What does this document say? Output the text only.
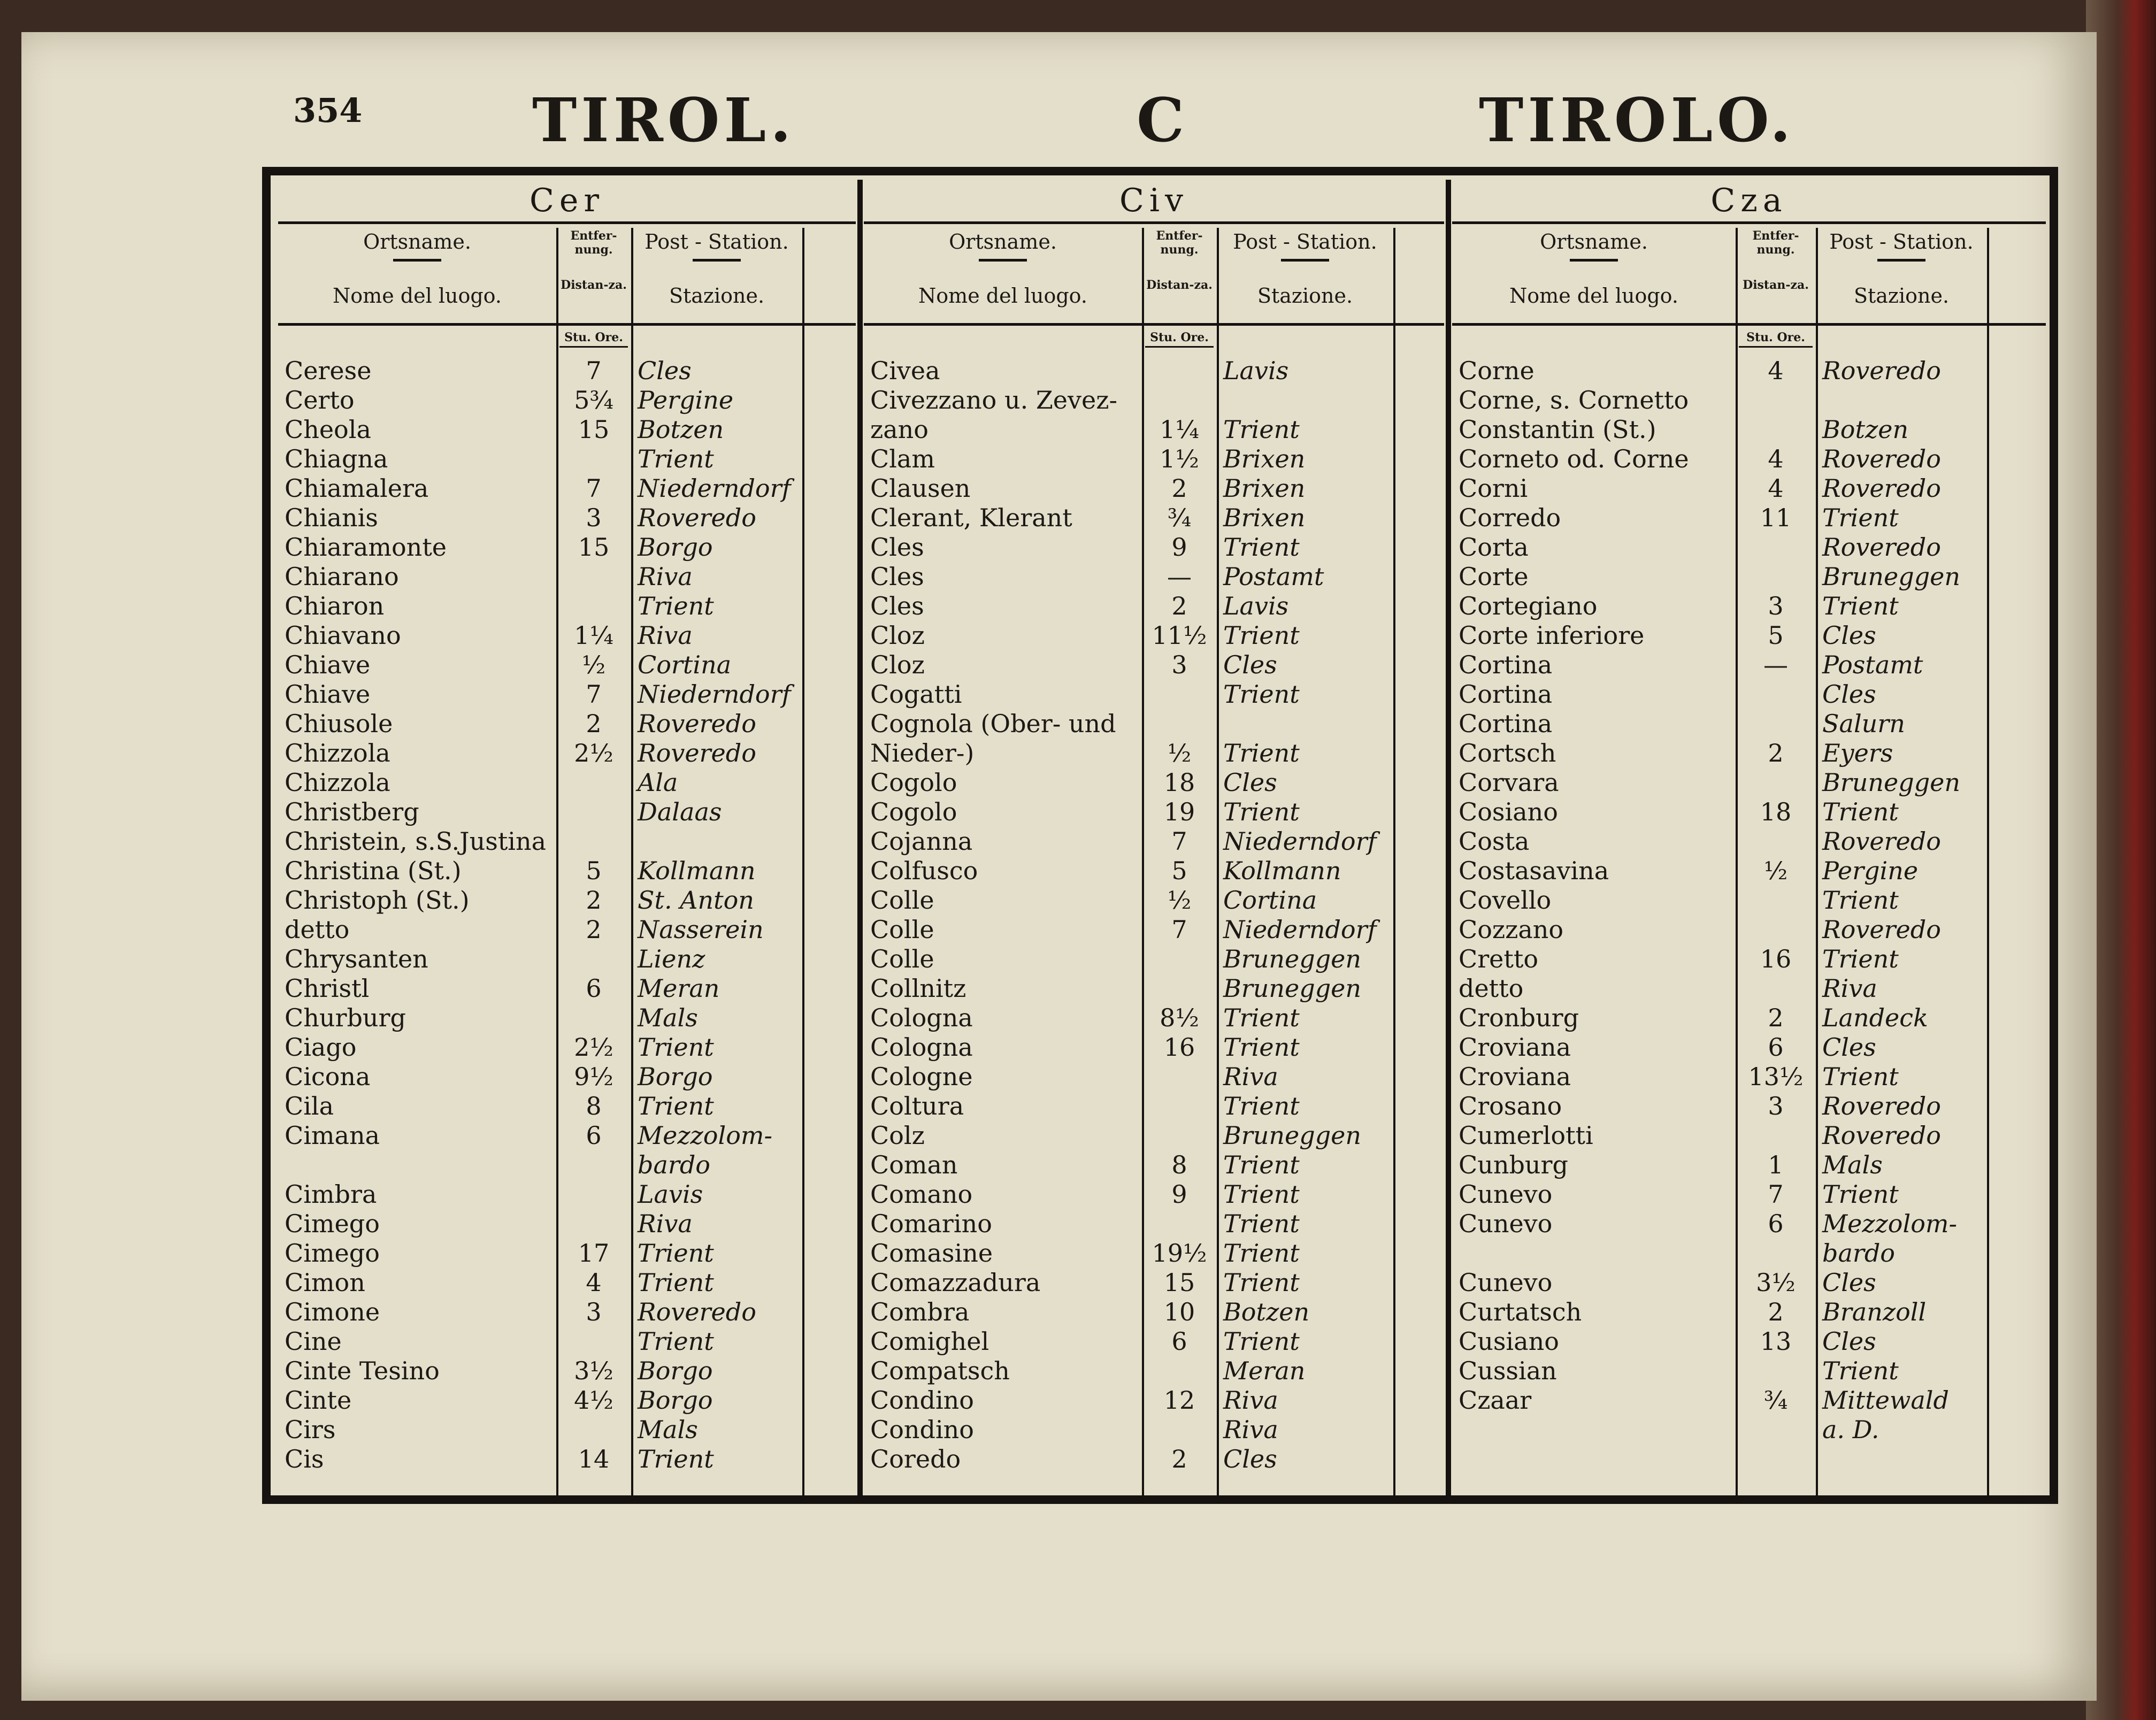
354	TIROL.	C	TIROLO.
Cer
Ortsname.
Nome del luogo.
Entfer-nung.
Distan-za.
Post - Station.
Stazione.
Stu. Ore.
Cerese	7	Cles
Certo	5¾ Pergine
Cheola	15	Botzen
Chiagna	Trient
Chiamalera	7	Niederndorf
Chianis	3	Roveredo
Chiaramonte	15	Borgo
Chiarano	Riva
Chiaron	Trient
Chiavano	1¼ Riva
Chiave	½	Cortina
Chiave	7	Niederndorf
Chiusole	2	Roveredo
Chizzola	2½ Roveredo
Chizzola	Ala
Christberg	Dalaas
Christein, s.S.Justina
Christina (St.)	5	Kollmann
Christoph (St.)	2	St. Anton
detto	2	Nasserein
Chrysanten	Lienz
Christl	6	Meran
Churburg	Mals
Ciago	2½ Trient
Cicona	9½ Borgo
Cila	8	Trient
Cimana	6	Mezzolom-
bardo
Cimbra	Lavis
Cimego	Riva
Cimego	17	Trient
Cimon	4	Trient
Cimone	3	Roveredo
Cine	Trient
Cinte Tesino	3½ Borgo
Cinte	4½ Borgo
Cirs	Mals
Cis	14	Trient
Civ
Ortsname.
Nome del luogo.
Entfer-nung.
Distan-za.
Post - Station.
Stazione.
Stu. Ore.
Civea	Lavis
Civezzano u. Zevez-
zano	1¼ Trient
Clam	1½ Brixen
Clausen	2	Brixen
Clerant, Klerant	¾	Brixen
Cles	9	Trient
Cles	—	Postamt
Cles	2	Lavis
Cloz	11½ Trient
Cloz	3	Cles
Cogatti	Trient
Cognola (Ober- und
Nieder-)	½	Trient
Cogolo	18	Cles
Cogolo	19	Trient
Cojanna	7	Niederndorf
Colfusco	5	Kollmann
Colle	½	Cortina
Colle	7	Niederndorf
Colle	Bruneggen
Collnitz	Bruneggen
Cologna	8½ Trient
Cologna	16	Trient
Cologne	Riva
Coltura	Trient
Colz	Bruneggen
Coman	8	Trient
Comano	9	Trient
Comarino	Trient
Comasine	19½ Trient
Comazzadura	15	Trient
Combra	10	Botzen
Comighel	6	Trient
Compatsch	Meran
Condino	12	Riva
Condino	Riva
Coredo	2	Cles
Cza
Ortsname.
Nome del luogo.
Entfer-nung.
Distan-za.
Post - Station.
Stazione.
Stu. Ore.
Corne	4	Roveredo
Corne, s. Cornetto
Constantin (St.)	Botzen
Corneto od. Corne	4	Roveredo
Corni	4	Roveredo
Corredo	11	Trient
Corta	Roveredo
Corte	Bruneggen
Cortegiano	3	Trient
Corte inferiore	5	Cles
Cortina	—	Postamt
Cortina	Cles
Cortina	Salurn
Cortsch	2	Eyers
Corvara	Bruneggen
Cosiano	18	Trient
Costa	Roveredo
Costasavina	½	Pergine
Covello	Trient
Cozzano	Roveredo
Cretto	16	Trient
detto	Riva
Cronburg	2	Landeck
Croviana	6	Cles
Croviana	13½ Trient
Crosano	3	Roveredo
Cumerlotti	Roveredo
Cunburg	1	Mals
Cunevo	7	Trient
Cunevo	6	Mezzolom-
bardo
Cunevo	3½	Cles
Curtatsch	2	Branzoll
Cusiano	13	Cles
Cussian	Trient
Czaar	¾	Mittewald
a. D.
